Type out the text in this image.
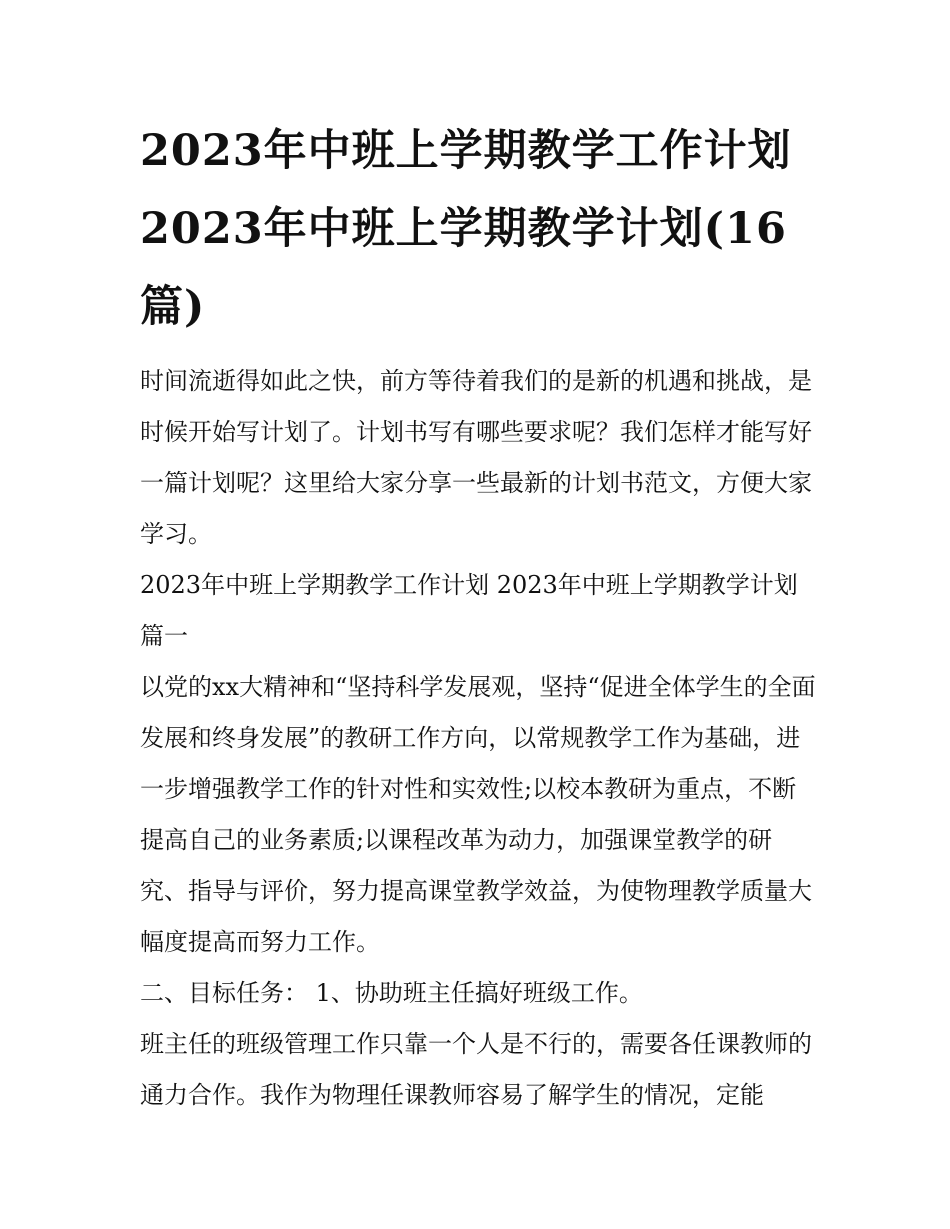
2023年中班上学期教学工作计划 2023年中班上学期教学计划(16篇)

时间流逝得如此之快，前方等待着我们的是新的机遇和挑战，是时候开始写计划了。计划书写有哪些要求呢？我们怎样才能写好一篇计划呢？这里给大家分享一些最新的计划书范文，方便大家学习。

2023年中班上学期教学工作计划 2023年中班上学期教学计划篇一

以党的xx大精神和“坚持科学发展观，坚持“促进全体学生的全面发展和终身发展”的教研工作方向，以常规教学工作为基础，进一步增强教学工作的针对性和实效性;以校本教研为重点，不断提高自己的业务素质;以课程改革为动力，加强课堂教学的研究、指导与评价，努力提高课堂教学效益，为使物理教学质量大幅度提高而努力工作。

二、目标任务： 1、协助班主任搞好班级工作。

班主任的班级管理工作只靠一个人是不行的，需要各任课教师的通力合作。我作为物理任课教师容易了解学生的情况，定能
